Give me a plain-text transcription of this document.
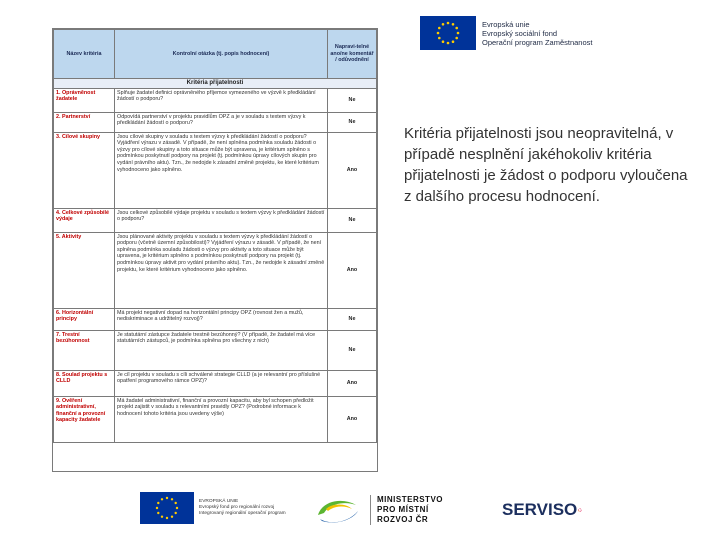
Evropská unie
Evropský sociální fond
Operační program Zaměstnanost
Název kritéria	Kontrolní otázka (tj. popis hodnocení)	Napravi-telné ano/ne komentář / odůvodnění
Kritéria přijatelnosti		
1. Oprávněnost žadatele	Splňuje žadatel definici oprávněného příjemce vymezeného ve výzvě k předkládání žádostí o podporu?	Ne
2. Partnerství	Odpovídá partnerství v projektu pravidlům OPZ a je v souladu s textem výzvy k předkládání žádostí o podporu?	Ne
3. Cílové skupiny	Jsou cílové skupiny v souladu s textem výzvy k předkládání žádostí o podporu? Vyjádření výrazu v zásadě. V případě, že není splněna podmínka souladu žádosti o výzvy pro cílové skupiny a toto situace může být upravena, je kritérium splněno s podmínkou poskytnutí podpory na projekt (tj. podmínkou úpravy cílových skupin pro vydání právního aktu). Tzn., že nedojde k zásadní změně projektu, ke které kritérium vyhodnoceno jako splněno.	Ano
4. Celkové způsobilé výdaje	Jsou celkové způsobilé výdaje projektu v souladu s textem výzvy k předkládání žádostí o podporu?	Ne
5. Aktivity	Jsou plánované aktivity projektu v souladu s textem výzvy k předkládání žádostí o podporu (včetně územní způsobilosti)? Vyjádření výrazu v zásadě. V případě, že není splněna podmínka souladu žádosti o výzvy pro aktivity a toto situace může být upravena, je kritérium splněno s podmínkou poskytnutí podpory na projekt (tj. podmínkou úpravy aktivit pro vydání právního aktu). Tzn., že nedojde k zásadní změně projektu, ke které kritérium vyhodnoceno jako splněno.	Ano
6. Horizontální principy	Má projekt negativní dopad na horizontální principy OPZ (rovnost žen a mužů, nediskriminace a udržitelný rozvoj)?	Ne
7. Trestní bezúhonnost	Je statutární zástupce žadatele trestně bezúhonný? (V případě, že žadatel má více statutárních zástupců, je podmínka splněna pro všechny z nich)	Ne
8. Soulad projektu s CLLD	Je cíl projektu v souladu s cíli schválené strategie CLLD (a je relevantní pro příslušné opatření programového rámce OPZ)?	Ano
9. Ověření administrativní, finanční a provozní kapacity žadatele	Má žadatel administrativní, finanční a provozní kapacitu, aby byl schopen předložit projekt zajistit v souladu s relevantními pravidly OPZ? (Podrobné informace k hodnocení tohoto kritéria jsou uvedeny výše)	Ano
Kritéria přijatelnosti jsou neopravitelná, v případě nesplnění jakéhokoliv kritéria přijatelnosti je žádost o podporu vyloučena z dalšího procesu hodnocení.
EVROPSKÁ UNIE
Evropský fond pro regionální rozvoj
Integrovaný regionální operační program
MINISTERSTVO
PRO MÍSTNÍ
ROZVOJ ČR
SERVISO
